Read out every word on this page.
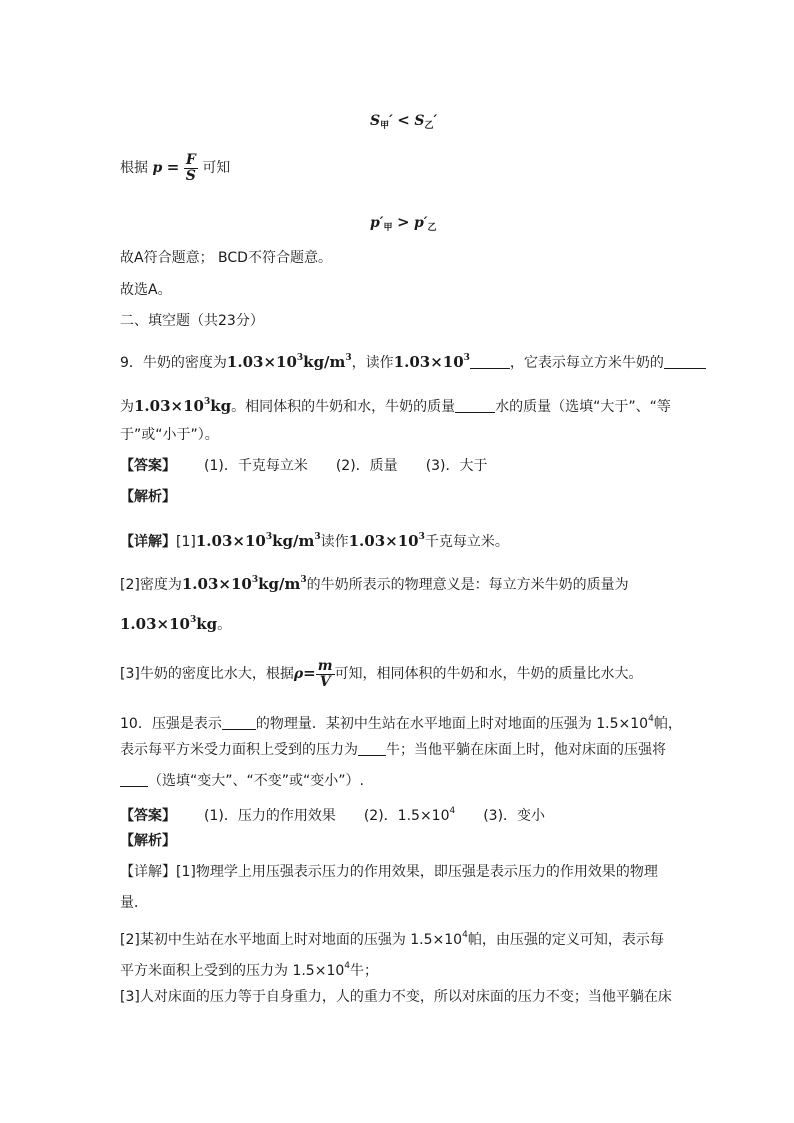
$S_甲' < S_乙'$
根据 $p = \frac{F}{S}$ 可知
$p'_甲 > p'_乙$
故A符合题意； BCD不符合题意。
故选A。
二、填空题（共23分）
9．牛奶的密度为$1.03\times 10^3kg/m^3$，读作$1.03\times 10^3$	，它表示每立方米牛奶的
为$1.03\times 10^3kg$。相同体积的牛奶和水，牛奶的质量	水的质量（选填“大于”、“等
于”或“小于”）。
【答案】 (1)．千克每立米 (2)．质量 (3)．大于
【解析】
【详解】$[1]1.03\times 10^3kg/m^3$读作$1.03\times 10^3$千克每立米。
[2]密度为$1.03\times 10^3kg/m^3$的牛奶所表示的物理意义是：每立方米牛奶的质量为
$1.03\times 10^3kg$。
[3]牛奶的密度比水大，根据$\rho= \frac{m}{V}$ 可知，相同体积的牛奶和水，牛奶的质量比水大。
10．压强是表示 的物理量．某初中生站在水平地面上时对地面的压强为 $1.5\times 10^4$帕，
表示每平方米受力面积上受到的压力为 牛；当他平躺在床面上时，他对床面的压强将
（选填“变大”、“不变”或“变小”）.
【答案】 (1)．压力的作用效果 (2)．$1.5\times 10^4$ (3)．变小
【解析】
【详解】[1]物理学上用压强表示压力的作用效果，即压强是表示压力的作用效果的物理
量．
[2]某初中生站在水平地面上时对地面的压强为 $1.5\times 10^4$帕，由压强的定义可知，表示每
平方米面积上受到的压力为 $1.5\times 10^4$牛；
[3]人对床面的压力等于自身重力，人的重力不变，所以对床面的压力不变；当他平躺在床
